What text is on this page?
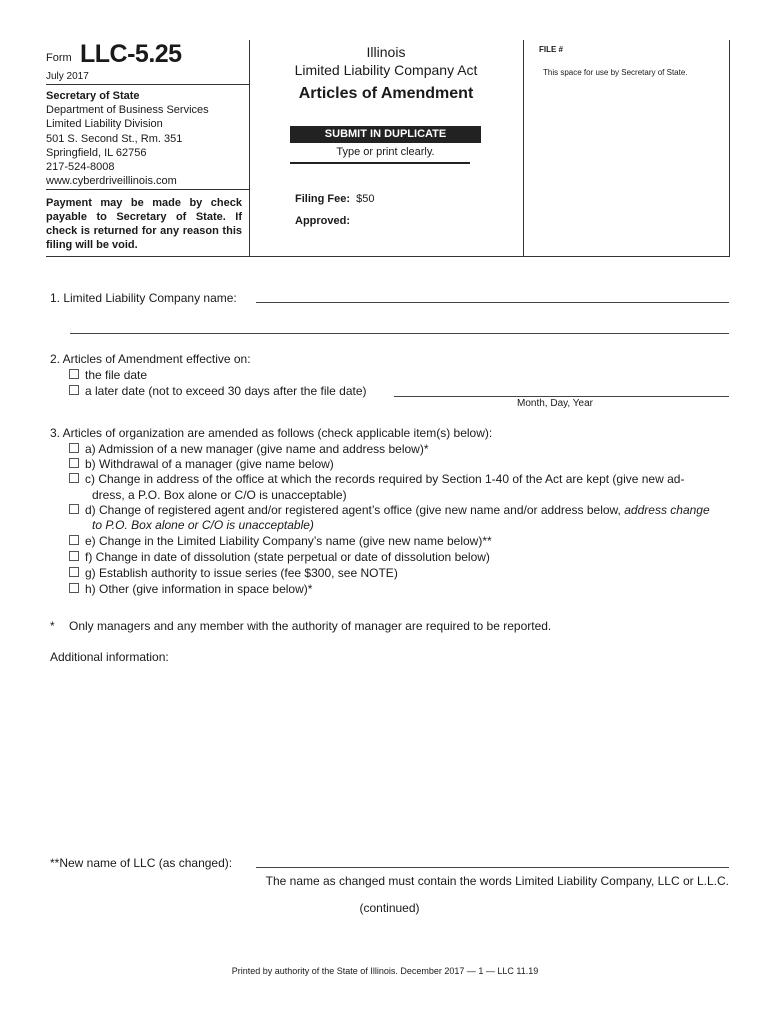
Form LLC-5.25
July 2017
Secretary of State
Department of Business Services
Limited Liability Division
501 S. Second St., Rm. 351
Springfield, IL 62756
217-524-8008
www.cyberdriveillinois.com
Payment may be made by check payable to Secretary of State. If check is returned for any reason this filing will be void.
Illinois
Limited Liability Company Act
Articles of Amendment
SUBMIT IN DUPLICATE
Type or print clearly.
Filing Fee: $50
Approved:
FILE #
This space for use by Secretary of State.
1. Limited Liability Company name:
2. Articles of Amendment effective on:
the file date
a later date (not to exceed 30 days after the file date)
Month, Day, Year
3. Articles of organization are amended as follows (check applicable item(s) below):
a) Admission of a new manager (give name and address below)*
b) Withdrawal of a manager (give name below)
c) Change in address of the office at which the records required by Section 1-40 of the Act are kept (give new ad-
dress, a P.O. Box alone or C/O is unacceptable)
d) Change of registered agent and/or registered agent’s office (give new name and/or address below, address change
to P.O. Box alone or C/O is unacceptable)
e) Change in the Limited Liability Company’s name (give new name below)**
f) Change in date of dissolution (state perpetual or date of dissolution below)
g) Establish authority to issue series (fee $300, see NOTE)
h) Other (give information in space below)*
* Only managers and any member with the authority of manager are required to be reported.
Additional information:
**New name of LLC (as changed):
The name as changed must contain the words Limited Liability Company, LLC or L.L.C.
(continued)
Printed by authority of the State of Illinois. December 2017 — 1 — LLC 11.19
